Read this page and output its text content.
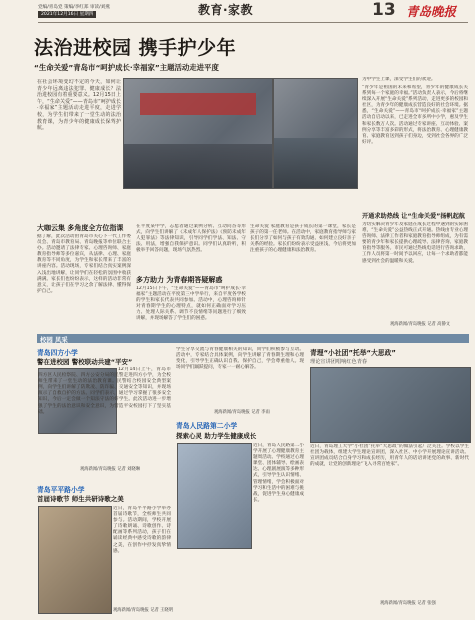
党编/青岛党 策编/李红郑 审读/刘燕
2021年12月16日 星期四	教育·家教	13 青岛晚报
法治进校园 携手护少年
“生命关爱”青岛市“呵护成长·幸福家”主题活动走进平度
在社会环境变幻不定的今天，如何让青少年远离违法犯罪、健康成长？法治进校园有着重要意义。12月15日上午，“生命关爱”——青岛市“呵护成长·幸福家”主题活动走进平度，走进学校，为学生们带来了一堂生动的法治教育课，为青少年的健康成长保驾护航。
大咖云集 多角度全方位指课
据了解，此次活动由青岛市关心下一代工作委员会、青岛市教育局、青岛晚报等单位联合主办。活动邀请了法律专家、心理咨询师、家庭教育指导师等多位嘉宾，从法律、心理、家庭教育等不同角度，为学生和家长带来了丰富的讲座内容。活动现场，专家们结合真实案例深入浅出地讲解，让同学们在轻松的氛围中收获满满。家长们也纷纷表示，这样的活动非常有意义，让孩子们在学习之余了解法律、懂得保护自己。
在平度某中学，志愿者通过案例分析、互动问答等形式，向学生们讲解了《未成年人保护法》《预防未成年人犯罪法》等法律知识，引导同学们学法、知法、守法、用法，增强自我保护意识。同学们认真聆听，积极举手回答问题，现场气氛热烈。
多方助力 为青春期答疑解惑
12月15日下午，“生命关爱”——青岛市“呵护成长·幸福家”主题活动在平度第三中学举行，来自平度各学校的学生和家长代表共同参加。活动中，心理咨询师针对青春期学生的心理特点，就如何正确面对学习压力、处理人际关系、调节不良情绪等问题进行了细致讲解，并现场解答了学生们的困惑。
生命关爱 家庭教育是孩子成长的第一课堂，家长是孩子的第一任老师。在活动中，家庭教育指导师与家长们分享了如何与孩子有效沟通、如何建立良好亲子关系的经验。家长们纷纷表示受益匪浅，今后将更加注重孩子的心理健康和法治教育。
为中学生上课，深受学生们的欢迎。
“青少年是祖国的未来和希望，青少年的健康成长关系到每一个家庭的幸福。”活动负责人表示，今后将继续深入开展“生命关爱”系列活动，走进更多的校园和社区，为青少年的健康成长营造良好的社会环境。据悉，“生命关爱”——青岛市“呵护成长·幸福家”主题活动自启动以来，已走进全市多所中小学，惠及学生和家长数万人次。活动通过专家讲座、互动体验、案例分享等丰富多彩的形式，将法治教育、心理健康教育、家庭教育送到孩子们身边，受到社会各界的广泛好评。
开通求助热线 让“生命关爱”扬帆起航
为切实解决青少年及家庭在成长过程中遇到的实际困难，“生命关爱”公益热线正式开通。热线由专业心理咨询师、法律工作者和家庭教育指导师组成，为有需要的青少年和家长提供心理疏导、法律咨询、家庭教育指导等服务。市民可通过热线电话进行咨询求助，工作人员将第一时间予以回应，让每一个求助者都能感受到社会的温暖和关爱。
观海新闻/青岛晚报 记者 高静文
校园 风采
青岛四方小学
警在进校园 警校联动共建“平安”
12月14日上午，青岛市四方区人民检察院、四方公安分局的民警走进四方小学，为全校师生带来了一堂生动的法治教育课。民警结合校园安全典型案例，向学生们讲解了防欺凌、防诈骗、交通安全等知识，并现场演示了自救自护的方法。同学们表示，通过学习掌握了很多安全知识，今后一定会做一个知法守法的好学生。此次活动进一步增强了学生的法治意识和安全意识，为营造平安校园打下了坚实基础。
观海新闻/青岛晚报 记者 刘晓琳
青岛平平路小学
首届诗歌节 师生共研诗歌之美
近日，青岛平平路小学举办首届诗歌节，全校师生共同参与。活动期间，学校开展了诗歌朗诵、诗歌创作、诗配画等系列活动，孩子们在诵读经典中感受诗歌的韵律之美，在创作中抒发真挚情感。
观海新闻/青岛晚报 记者 王晓明
学生分享交流与青春健康相关的知识，同学们积极参与互动。活动中，专家结合具体案例，向学生讲解了青春期生理和心理变化，引导学生正确认识自我、保护自己，学会尊重他人。现场同学们踊跃提问，专家一一耐心解答。
观海新闻/青岛晚报 记者 李雨
青岛人民路第二小学
探索心灵 助力学生健康成长
近日，青岛人民路第二小学开展了心理健康教育主题周活动。学校通过心理课堂、团体辅导、绘画表达、心理剧展演等多种形式，引导学生认识情绪、管理情绪，学会积极面对学习和生活中的困难与挑战，促进学生身心健康成长。
青理“小社团”托举“大思政”
理论宣讲团唱响红色青春
近日，青岛理工大学“小社团”托举“大思政”的做法引起广泛关注。学校以学生社团为载体，组建大学生理论宣讲团，深入社区、中小学开展理论宣讲活动。宣讲团成员结合自身学习和成长经历，用青年人的话语讲述党的故事、新时代的成就，让党的创新理论“飞入寻常百姓家”。
观海新闻/青岛晚报 记者 张强
